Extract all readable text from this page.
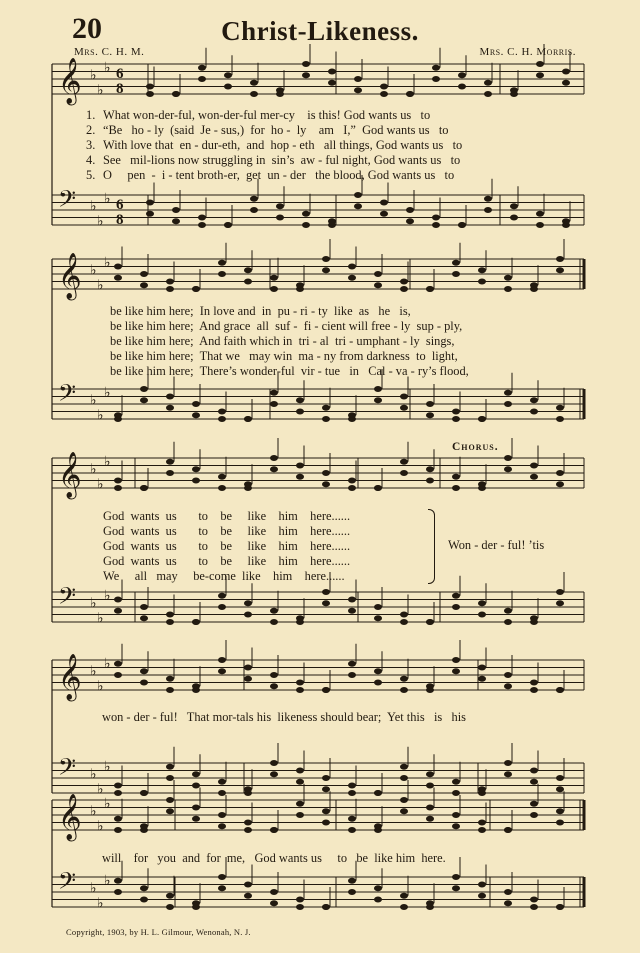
20	Christ-Likeness.
Mrs. C. H. M.	Mrs. C. H. Morris.
𝄞 ♭
♭
♭ 6
8
𝄢 ♭
♭
♭ 6
8
𝄞 ♭
♭
♭
𝄢 ♭
♭
♭
𝄞 ♭
♭
♭
𝄢 ♭
♭
♭
𝄞 ♭
♭
♭
𝄢 ♭
♭
♭
𝄞 ♭
♭
♭
𝄢 ♭
♭
♭
1.
2.
3.
4.
5.
What won-der-ful, won-der-ful mer-cy    is this! God wants us   to
“Be   ho - ly  (said  Je - sus,)  for  ho -  ly    am   I,”  God wants us   to
With love that  en - dur-eth,  and  hop - eth   all things, God wants us   to
See   mil-lions now struggling in  sin’s  aw - ful night, God wants us   to
O     pen  -  i - tent broth-er,  get  un - der   the blood, God wants us   to
be like him here;  In love and  in  pu - ri - ty  like  as   he   is,
be like him here;  And grace  all  suf -  fi - cient will free - ly  sup - ply,
be like him here;  And faith which in  tri - al  tri - umphant - ly  sings,
be like him here;  That we   may win  ma - ny from darkness  to  light,
be like him here;  There’s wonder-ful  vir - tue   in   Cal - va - ry’s flood,
Chorus.
God  wants  us       to    be     like    him    here......
God  wants  us       to    be     like    him    here......
God  wants  us       to    be     like    him    here......
God  wants  us       to    be     like    him    here......
We     all   may     be-come  like    him    here......
Won - der - ful! ’tis
won - der - ful!   That mor-tals his  likeness should bear;  Yet this   is   his
will    for   you  and  for  me,   God wants us     to   be  like him  here.
Copyright, 1903, by H. L. Gilmour, Wenonah, N. J.
